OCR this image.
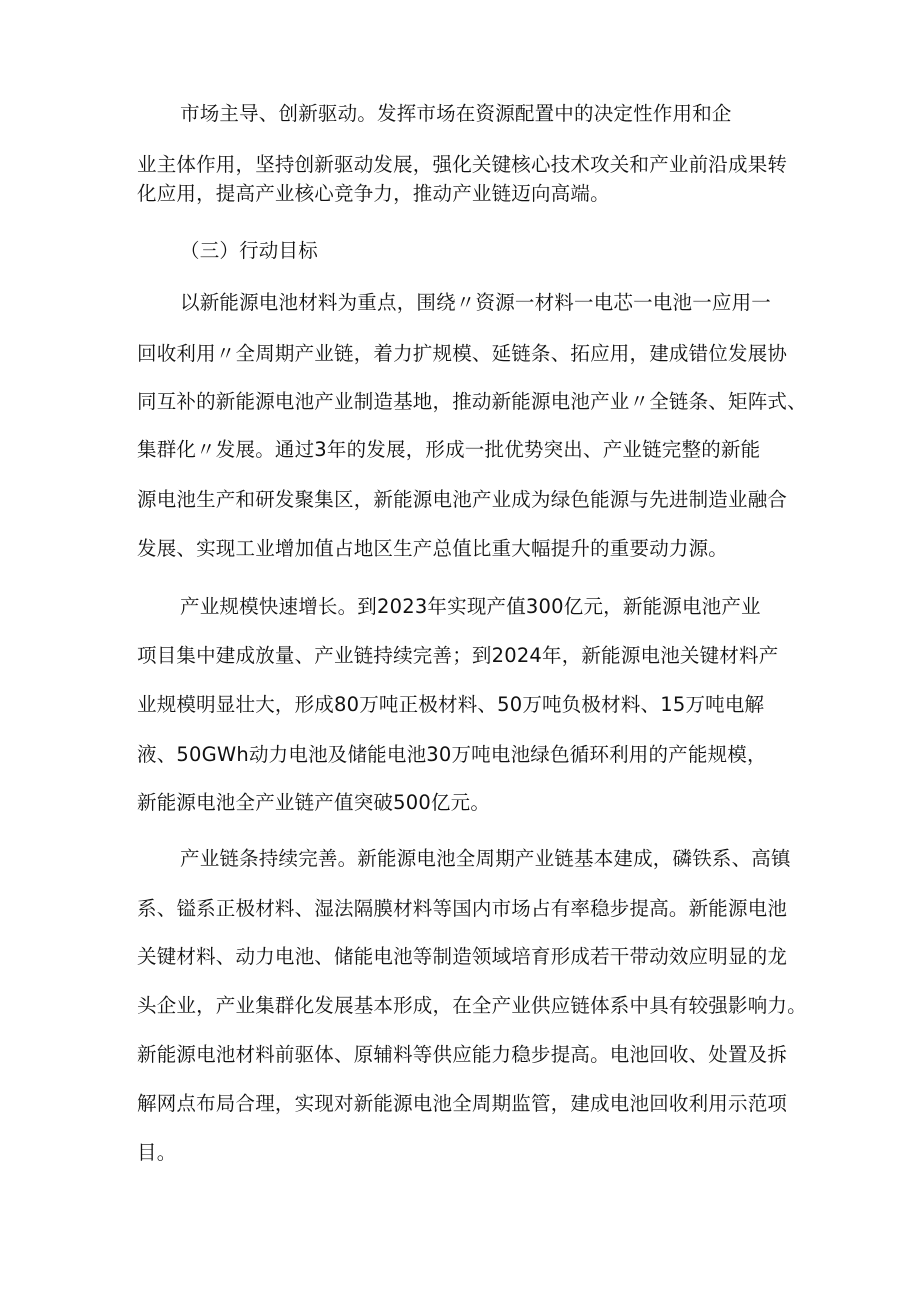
市场主导、创新驱动。发挥市场在资源配置中的决定性作用和企
业主体作用，坚持创新驱动发展，强化关键核心技术攻关和产业前沿成果转
化应用，提高产业核心竞争力，推动产业链迈向高端。
（三）行动目标
以新能源电池材料为重点，围绕〃资源一材料一电芯一电池一应用一
回收利用〃全周期产业链，着力扩规模、延链条、拓应用，建成错位发展协
同互补的新能源电池产业制造基地，推动新能源电池产业〃全链条、矩阵式、
集群化〃发展。通过3年的发展，形成一批优势突出、产业链完整的新能
源电池生产和研发聚集区，新能源电池产业成为绿色能源与先进制造业融合
发展、实现工业增加值占地区生产总值比重大幅提升的重要动力源。
产业规模快速增长。到2023年实现产值300亿元，新能源电池产业
项目集中建成放量、产业链持续完善；到2024年，新能源电池关键材料产
业规模明显壮大，形成80万吨正极材料、50万吨负极材料、15万吨电解
液、50GWh动力电池及储能电池30万吨电池绿色循环利用的产能规模，
新能源电池全产业链产值突破500亿元。
产业链条持续完善。新能源电池全周期产业链基本建成，磷铁系、高镇
系、镒系正极材料、湿法隔膜材料等国内市场占有率稳步提高。新能源电池
关键材料、动力电池、储能电池等制造领域培育形成若干带动效应明显的龙
头企业，产业集群化发展基本形成，在全产业供应链体系中具有较强影响力。
新能源电池材料前驱体、原辅料等供应能力稳步提高。电池回收、处置及拆
解网点布局合理，实现对新能源电池全周期监管，建成电池回收利用示范项
目。
